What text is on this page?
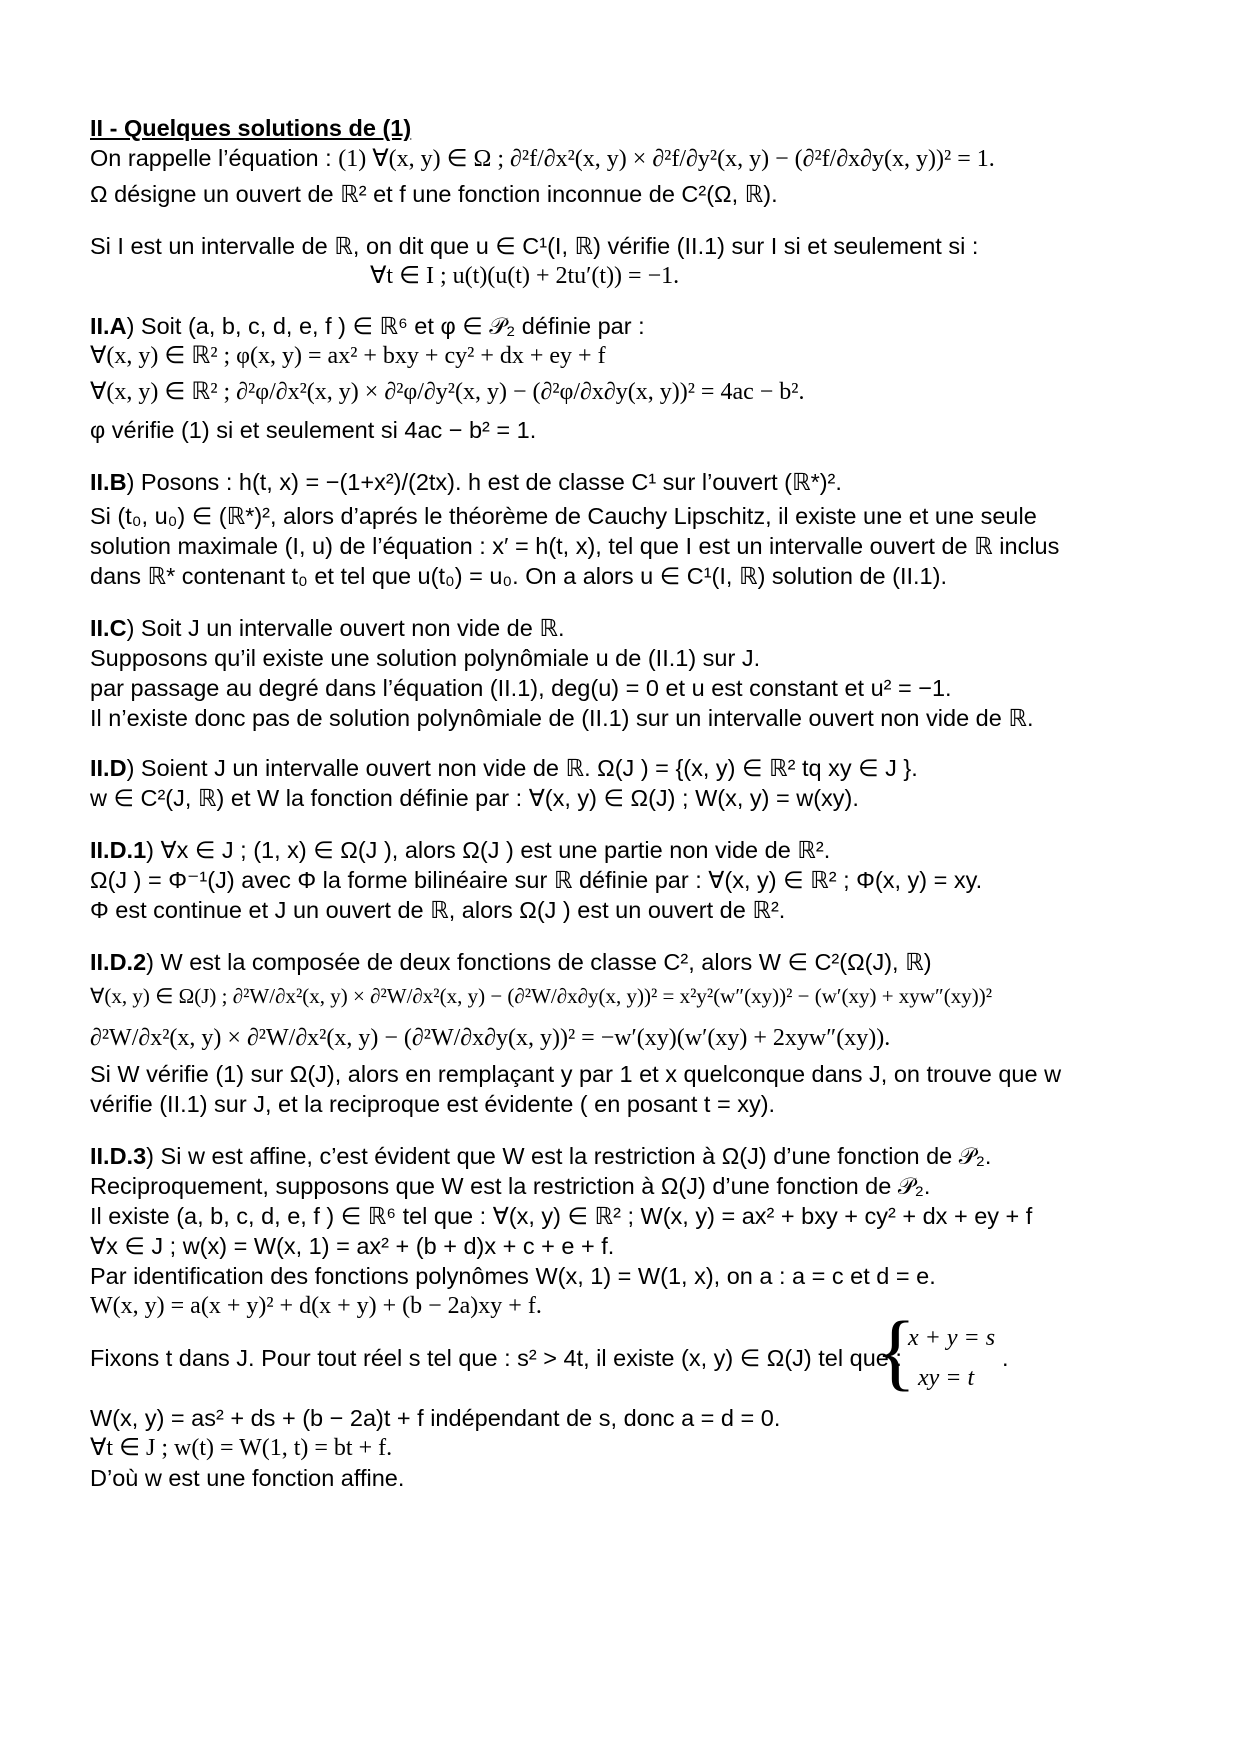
II - Quelques solutions de (1)
On rappelle l’équation : (1) ∀(x, y) ∈ Ω ; ∂²f/∂x²(x, y) × ∂²f/∂y²(x, y) − (∂²f/∂x∂y(x, y))² = 1.
Ω désigne un ouvert de ℝ² et f une fonction inconnue de C²(Ω, ℝ).
Si I est un intervalle de ℝ, on dit que u ∈ C¹(I, ℝ) vérifie (II.1) sur I si et seulement si :
∀t ∈ I ; u(t)(u(t) + 2tu′(t)) = −1.
II.A) Soit (a, b, c, d, e, f ) ∈ ℝ⁶ et φ ∈ 𝒫₂ définie par :
∀(x, y) ∈ ℝ² ; φ(x, y) = ax² + bxy + cy² + dx + ey + f
∀(x, y) ∈ ℝ² ; ∂²φ/∂x²(x, y) × ∂²φ/∂y²(x, y) − (∂²φ/∂x∂y(x, y))² = 4ac − b².
φ vérifie (1) si et seulement si 4ac − b² = 1.
II.B) Posons : h(t, x) = −(1+x²)/(2tx). h est de classe C¹ sur l’ouvert (ℝ*)².
Si (t₀, u₀) ∈ (ℝ*)², alors d’aprés le théorème de Cauchy Lipschitz, il existe une et une seule
solution maximale (I, u) de l’équation : x′ = h(t, x), tel que I est un intervalle ouvert de ℝ inclus
dans ℝ* contenant t₀ et tel que u(t₀) = u₀. On a alors u ∈ C¹(I, ℝ) solution de (II.1).
II.C) Soit J un intervalle ouvert non vide de ℝ.
Supposons qu’il existe une solution polynômiale u de (II.1) sur J.
par passage au degré dans l’équation (II.1), deg(u) = 0 et u est constant et u² = −1.
Il n’existe donc pas de solution polynômiale de (II.1) sur un intervalle ouvert non vide de ℝ.
II.D) Soient J un intervalle ouvert non vide de ℝ. Ω(J ) = {(x, y) ∈ ℝ² tq xy ∈ J }.
w ∈ C²(J, ℝ) et W la fonction définie par : ∀(x, y) ∈ Ω(J) ; W(x, y) = w(xy).
II.D.1) ∀x ∈ J ; (1, x) ∈ Ω(J ), alors Ω(J ) est une partie non vide de ℝ².
Ω(J ) = Φ⁻¹(J) avec Φ la forme bilinéaire sur ℝ définie par : ∀(x, y) ∈ ℝ² ; Φ(x, y) = xy.
Φ est continue et J un ouvert de ℝ, alors Ω(J ) est un ouvert de ℝ².
II.D.2) W est la composée de deux fonctions de classe C², alors W ∈ C²(Ω(J), ℝ)
∀(x, y) ∈ Ω(J) ; ∂²W/∂x²(x, y) × ∂²W/∂x²(x, y) − (∂²W/∂x∂y(x, y))² = x²y²(w″(xy))² − (w′(xy) + xyw″(xy))²
∂²W/∂x²(x, y) × ∂²W/∂x²(x, y) − (∂²W/∂x∂y(x, y))² = −w′(xy)(w′(xy) + 2xyw″(xy)).
Si W vérifie (1) sur Ω(J), alors en remplaçant y par 1 et x quelconque dans J, on trouve que w
vérifie (II.1) sur J, et la reciproque est évidente ( en posant t = xy).
II.D.3) Si w est affine, c’est évident que W est la restriction à Ω(J) d’une fonction de 𝒫₂.
Reciproquement, supposons que W est la restriction à Ω(J) d’une fonction de 𝒫₂.
Il existe (a, b, c, d, e, f ) ∈ ℝ⁶ tel que : ∀(x, y) ∈ ℝ² ; W(x, y) = ax² + bxy + cy² + dx + ey + f
∀x ∈ J ; w(x) = W(x, 1) = ax² + (b + d)x + c + e + f.
Par identification des fonctions polynômes W(x, 1) = W(1, x), on a : a = c et d = e.
W(x, y) = a(x + y)² + d(x + y) + (b − 2a)xy + f.
Fixons t dans J. Pour tout réel s tel que : s² > 4t, il existe (x, y) ∈ Ω(J) tel que :
{
x + y = s
xy = t
.
W(x, y) = as² + ds + (b − 2a)t + f indépendant de s, donc a = d = 0.
∀t ∈ J ; w(t) = W(1, t) = bt + f.
D’où w est une fonction affine.
